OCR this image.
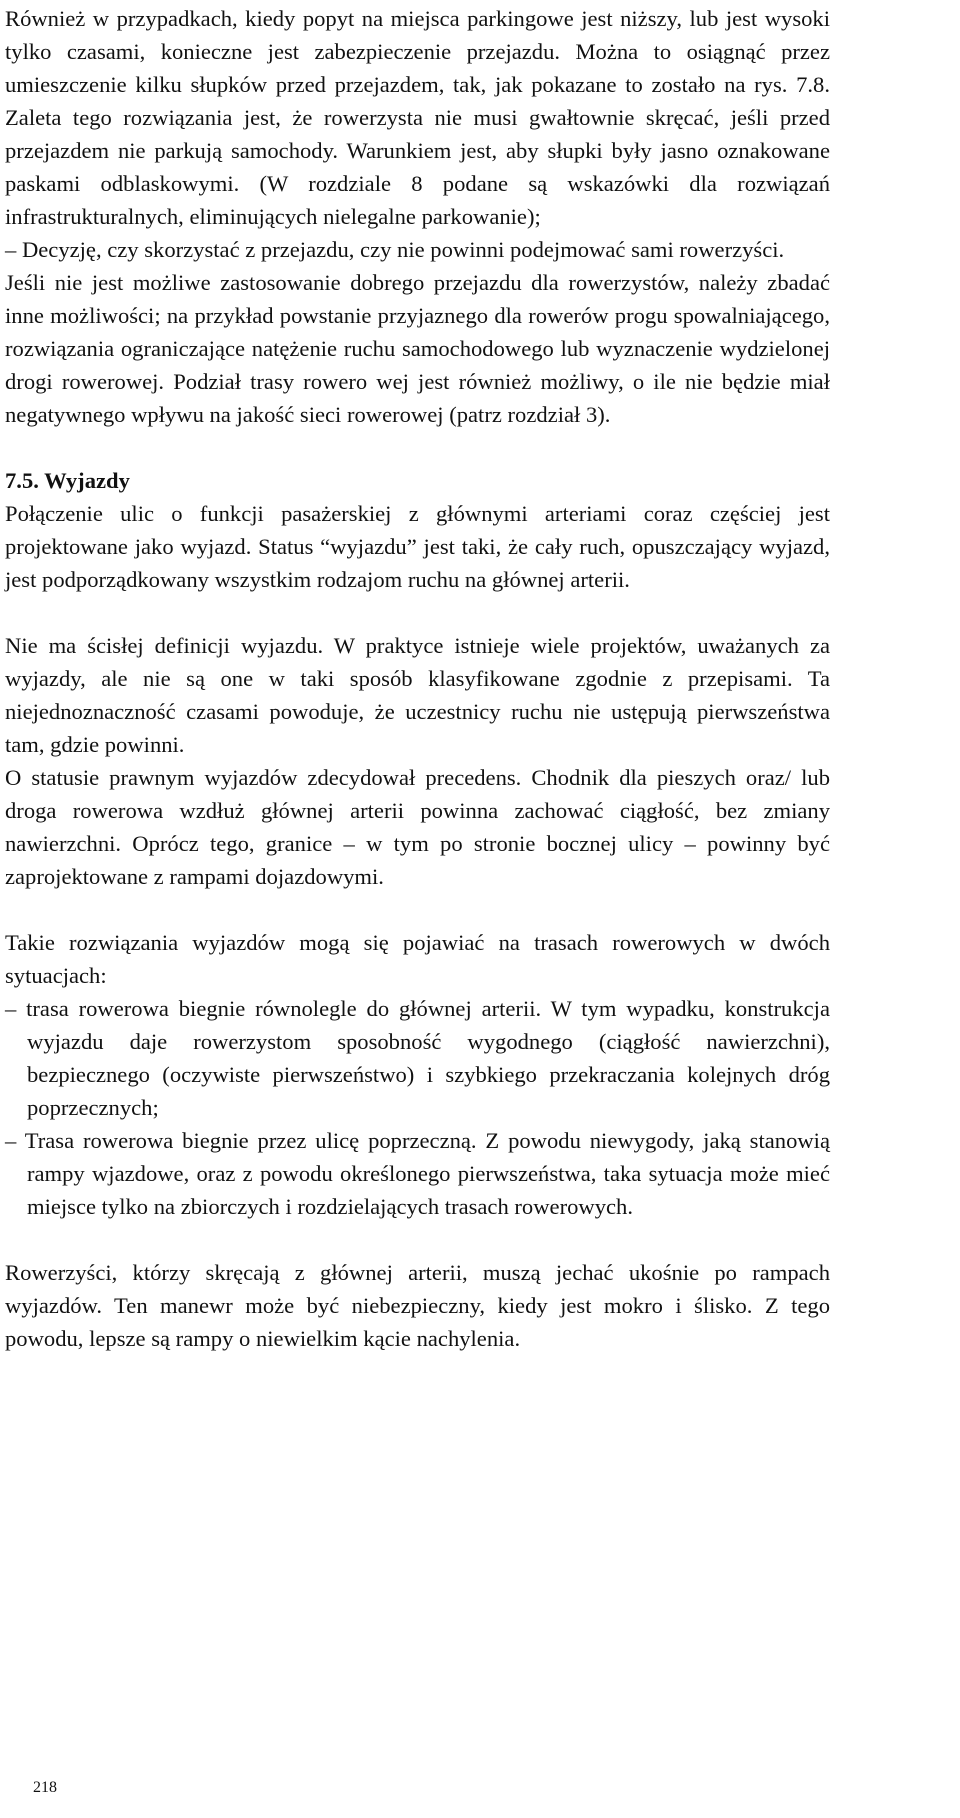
Również w przypadkach, kiedy popyt na miejsca parkingowe jest niższy, lub jest wysoki tylko czasami, konieczne jest zabezpieczenie przejazdu. Można to osiągnąć przez umieszczenie kilku słupków przed przejazdem, tak, jak pokazane to zostało na rys. 7.8. Zaleta tego rozwiązania jest, że rowerzysta nie musi gwałtownie skręcać, jeśli przed przejazdem nie parkują samochody. Warunkiem jest, aby słupki były jasno oznakowane paskami odblaskowymi. (W rozdziale 8 podane są wskazówki dla rozwiązań infrastrukturalnych, eliminujących nielegalne parkowanie);

– Decyzję, czy skorzystać z przejazdu, czy nie powinni podejmować sami rowerzyści.

Jeśli nie jest możliwe zastosowanie dobrego przejazdu dla rowerzystów, należy zbadać inne możliwości; na przykład powstanie przyjaznego dla rowerów progu spowalniającego, rozwiązania ograniczające natężenie ruchu samochodowego lub wyznaczenie wydzielonej drogi rowerowej. Podział trasy rowero wej jest również możliwy, o ile nie będzie miał negatywnego wpływu na jakość sieci rowerowej (patrz rozdział 3).

7.5. Wyjazdy

Połączenie ulic o funkcji pasażerskiej z głównymi arteriami coraz częściej jest projektowane jako wyjazd. Status “wyjazdu” jest taki, że cały ruch, opuszczający wyjazd, jest podporządkowany wszystkim rodzajom ruchu na głównej arterii.

Nie ma ścisłej definicji wyjazdu. W praktyce istnieje wiele projektów, uważanych za wyjazdy, ale nie są one w taki sposób klasyfikowane zgodnie z przepisami. Ta niejednoznaczność czasami powoduje, że uczestnicy ruchu nie ustępują pierwszeństwa tam, gdzie powinni.

O statusie prawnym wyjazdów zdecydował precedens. Chodnik dla pieszych oraz/ lub droga rowerowa wzdłuż głównej arterii powinna zachować ciągłość, bez zmiany nawierzchni. Oprócz tego, granice – w tym po stronie bocznej ulicy – powinny być zaprojektowane z rampami dojazdowymi.

Takie rozwiązania wyjazdów mogą się pojawiać na trasach rowerowych w dwóch sytuacjach:

– trasa rowerowa biegnie równolegle do głównej arterii. W tym wypadku, konstrukcja wyjazdu daje rowerzystom sposobność wygodnego (ciągłość nawierzchni), bezpiecznego (oczywiste pierwszeństwo) i szybkiego przekraczania kolejnych dróg poprzecznych;

– Trasa rowerowa biegnie przez ulicę poprzeczną. Z powodu niewygody, jaką stanowią rampy wjazdowe, oraz z powodu określonego pierwszeństwa, taka sytuacja może mieć miejsce tylko na zbiorczych i rozdzielających trasach rowerowych.

Rowerzyści, którzy skręcają z głównej arterii, muszą jechać ukośnie po rampach wyjazdów. Ten manewr może być niebezpieczny, kiedy jest mokro i ślisko. Z tego powodu, lepsze są rampy o niewielkim kącie nachylenia.

218
